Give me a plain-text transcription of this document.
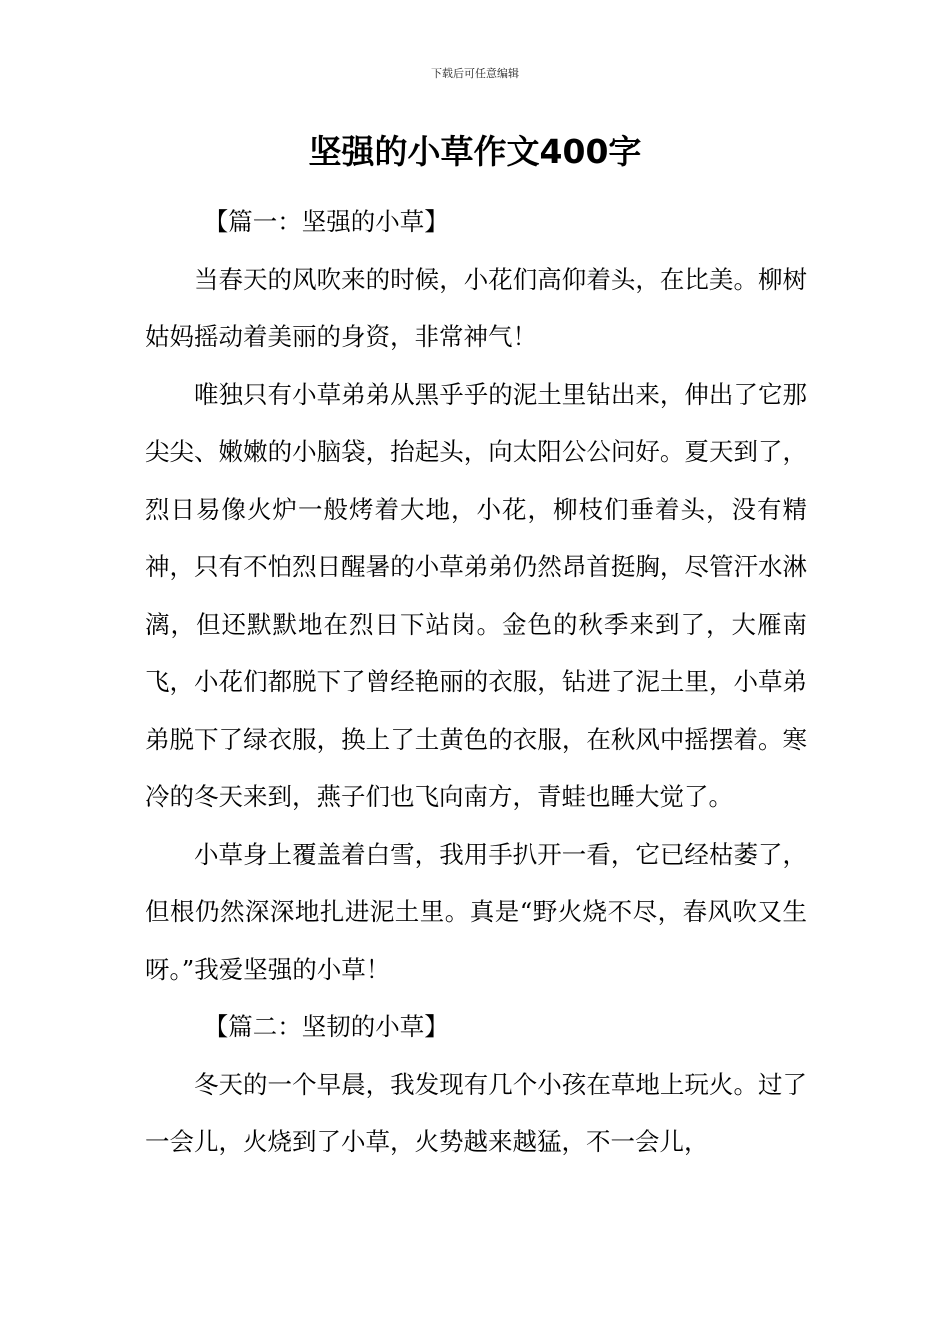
下载后可任意编辑
坚强的小草作文400字

【篇一：坚强的小草】

当春天的风吹来的时候，小花们高仰着头，在比美。柳树姑妈摇动着美丽的身资，非常神气！

唯独只有小草弟弟从黑乎乎的泥土里钻出来，伸出了它那尖尖、嫩嫩的小脑袋，抬起头，向太阳公公问好。夏天到了，烈日易像火炉一般烤着大地，小花，柳枝们垂着头，没有精神，只有不怕烈日醒暑的小草弟弟仍然昂首挺胸，尽管汗水淋漓，但还默默地在烈日下站岗。金色的秋季来到了，大雁南飞，小花们都脱下了曾经艳丽的衣服，钻进了泥土里，小草弟弟脱下了绿衣服，换上了土黄色的衣服，在秋风中摇摆着。寒冷的冬天来到，燕子们也飞向南方，青蛙也睡大觉了。

小草身上覆盖着白雪，我用手扒开一看，它已经枯萎了，但根仍然深深地扎进泥土里。真是“野火烧不尽，春风吹又生呀。”我爱坚强的小草！

【篇二：坚韧的小草】

冬天的一个早晨，我发现有几个小孩在草地上玩火。过了一会儿，火烧到了小草，火势越来越猛，不一会儿，
